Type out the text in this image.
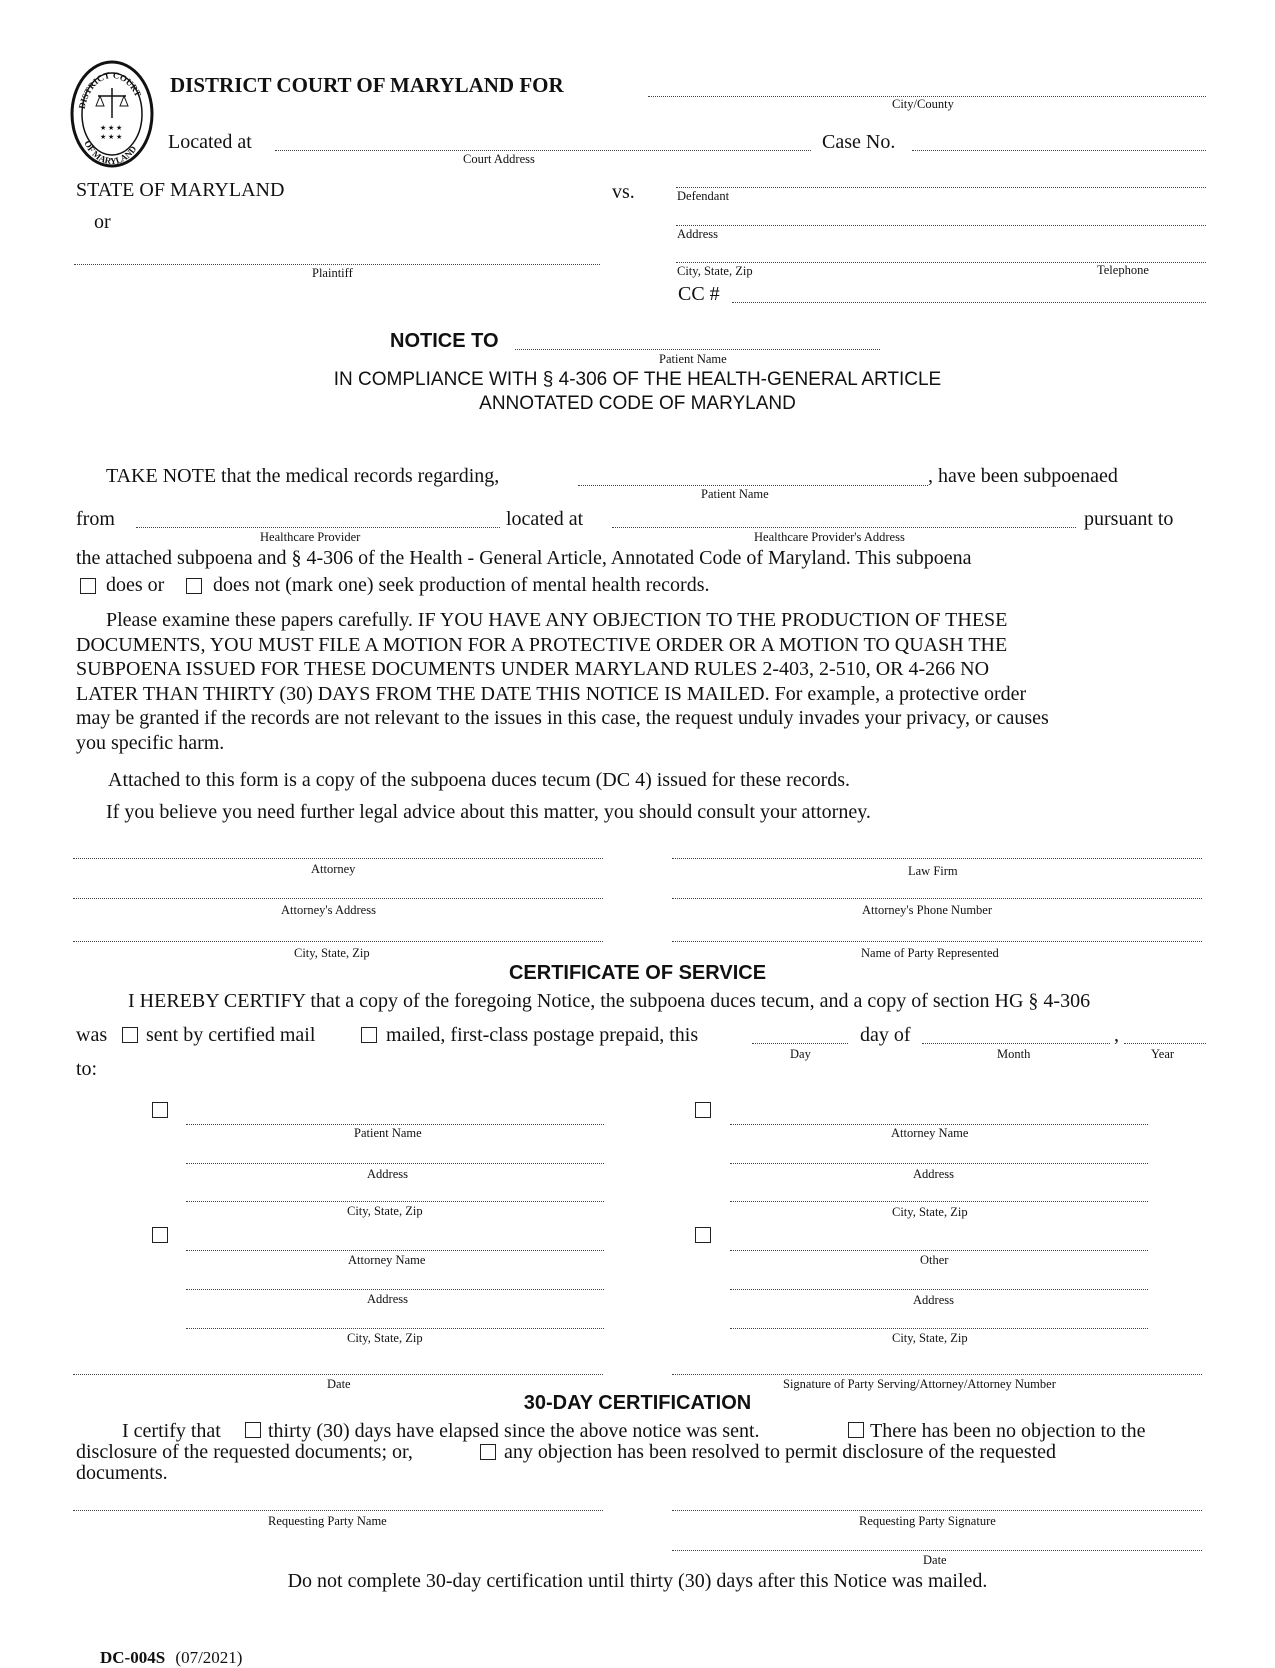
DISTRICT COURT
OF MARYLAND
★ ★ ★
★ ★ ★
DISTRICT COURT OF MARYLAND FOR
City/County
Located at
Court Address
Case No.
STATE OF MARYLAND
or
Plaintiff
vs.	Defendant
Address
City, State, Zip	Telephone
CC #
NOTICE TO
Patient Name
IN COMPLIANCE WITH § 4-306 OF THE HEALTH-GENERAL ARTICLE
ANNOTATED CODE OF MARYLAND
TAKE NOTE that the medical records regarding,
Patient Name
, have been subpoenaed
from
Healthcare Provider
located at
Healthcare Provider's Address
pursuant to
the attached subpoena and § 4-306 of the Health - General Article, Annotated Code of Maryland. This subpoena
does or does not (mark one) seek production of mental health records.
Please examine these papers carefully. IF YOU HAVE ANY OBJECTION TO THE PRODUCTION OF THESE
DOCUMENTS, YOU MUST FILE A MOTION FOR A PROTECTIVE ORDER OR A MOTION TO QUASH THE
SUBPOENA ISSUED FOR THESE DOCUMENTS UNDER MARYLAND RULES 2-403, 2-510, OR 4-266 NO
LATER THAN THIRTY (30) DAYS FROM THE DATE THIS NOTICE IS MAILED. For example, a protective order
may be granted if the records are not relevant to the issues in this case, the request unduly invades your privacy, or causes
you specific harm.
Attached to this form is a copy of the subpoena duces tecum (DC 4) issued for these records.
If you believe you need further legal advice about this matter, you should consult your attorney.
Attorney	Law Firm
Attorney's Address	Attorney's Phone Number
City, State, Zip	Name of Party Represented
CERTIFICATE OF SERVICE
I HEREBY CERTIFY that a copy of the foregoing Notice, the subpoena duces tecum, and a copy of section HG § 4-306
was sent by certified mail	mailed, first-class postage prepaid, this
Day
day of
Month
,
Year
to:
Patient Name
Address
City, State, Zip
Attorney Name
Address
City, State, Zip
Attorney Name
Address
City, State, Zip
Other
Address
City, State, Zip
Date	Signature of Party Serving/Attorney/Attorney Number
30-DAY CERTIFICATION
I certify that thirty (30) days have elapsed since the above notice was sent.	There has been no objection to the
disclosure of the requested documents; or,	any objection has been resolved to permit disclosure of the requested
documents.
Requesting Party Name	Requesting Party Signature
Date
Do not complete 30-day certification until thirty (30) days after this Notice was mailed.
DC-004S (07/2021)
